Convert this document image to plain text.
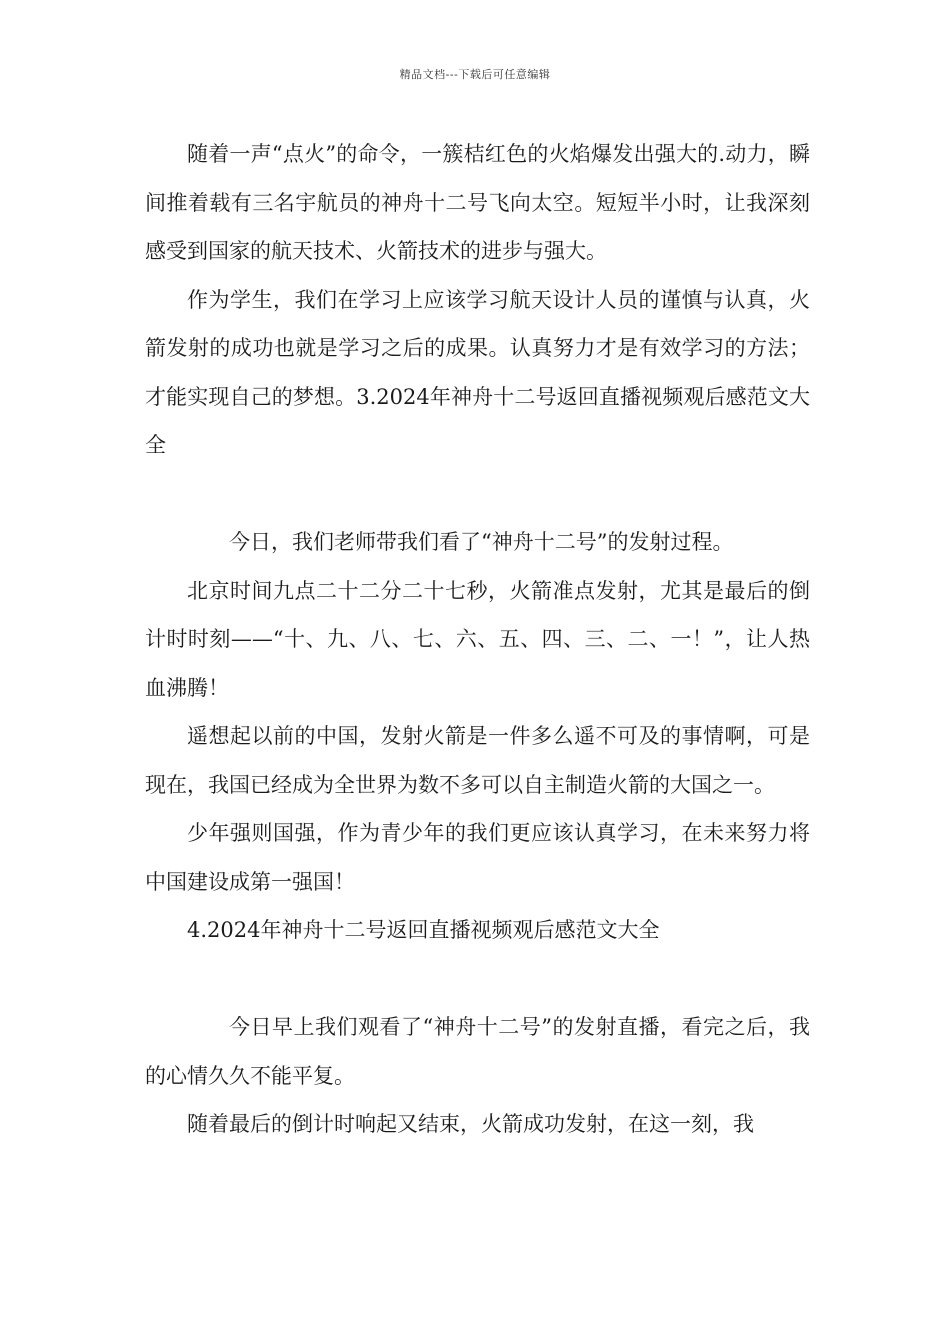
精品文档---下载后可任意编辑

随着一声“点火”的命令，一簇桔红色的火焰爆发出强大的.动力，瞬间推着载有三名宇航员的神舟十二号飞向太空。短短半小时，让我深刻感受到国家的航天技术、火箭技术的进步与强大。

作为学生，我们在学习上应该学习航天设计人员的谨慎与认真，火箭发射的成功也就是学习之后的成果。认真努力才是有效学习的方法；才能实现自己的梦想。3.2024年神舟十二号返回直播视频观后感范文大全

今日，我们老师带我们看了“神舟十二号”的发射过程。

北京时间九点二十二分二十七秒，火箭准点发射，尤其是最后的倒计时时刻——“十、九、八、七、六、五、四、三、二、一！”，让人热血沸腾！

遥想起以前的中国，发射火箭是一件多么遥不可及的事情啊，可是现在，我国已经成为全世界为数不多可以自主制造火箭的大国之一。

少年强则国强，作为青少年的我们更应该认真学习，在未来努力将中国建设成第一强国！

4.2024年神舟十二号返回直播视频观后感范文大全

今日早上我们观看了“神舟十二号”的发射直播，看完之后，我的心情久久不能平复。

随着最后的倒计时响起又结束，火箭成功发射，在这一刻，我
